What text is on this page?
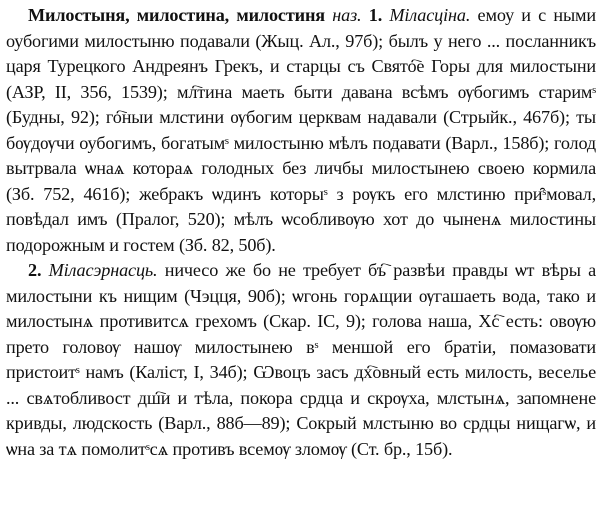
Милостыня, милостина, милостиня наз. 1. Міласціна. емоу и с ными оубогими милостыню подавали (Жыц. Ал., 97б); былъ у него ... посланникъ царя Турецкого Андреянъ Грекъ, и старцы съ Свято҇е Горы для милостыни (АЗР, II, 356, 1539); мл҇тина маеть быти давана всѣмъ ѹбогимъ старимˢ (Будны, 92); го҇ныи млстини ѹбогим церквам надавали (Стрыйк., 467б); ты бѹдѹчи оубогимъ, богатымˢ милостыню мѣлъ подавати (Варл., 158б); голод вытрвала ѡнаѧ котораѧ голодных без личбы милостынею своею кормила (Зб. 752, 461б); жебракъ ѡдинъ которыˢ з рѹкъ его млстиню при̑ˢмовал, повѣдал имъ (Пралог, 520); мѣлъ ѡсобливѹю хот до чыненѧ милостины подорожным и гостем (Зб. 82, 50б).

2. Міласэрнасць. ничесо же бо не требует бъ҇ развѣи правды ѡт вѣры а милостыни къ нищим (Чэцця, 90б); ѡгонь горѧщии ѹгашаеть вода, тако и милостынѧ противитсѧ грехомъ (Скар. IC, 9); голова наша, Хс҇ есть: овѹю прето головѹ нашѹ милостынею вˢ меншой его братіи, помазовати пристоитˢ намъ (Каліст, I, 34б); Ѡвоцъ засъ дх҇овный есть милость, веселье ... свѧтобливост дш҇и и тѣла, покора срдца и скрѹха, млстынѧ, запомнене кривды, людскость (Варл., 88б—89); Сокрый млстыню во срдцы нищагѡ, и ѡна за тѧ помолитˢсѧ противъ всемѹ зломѹ (Ст. бр., 15б).
